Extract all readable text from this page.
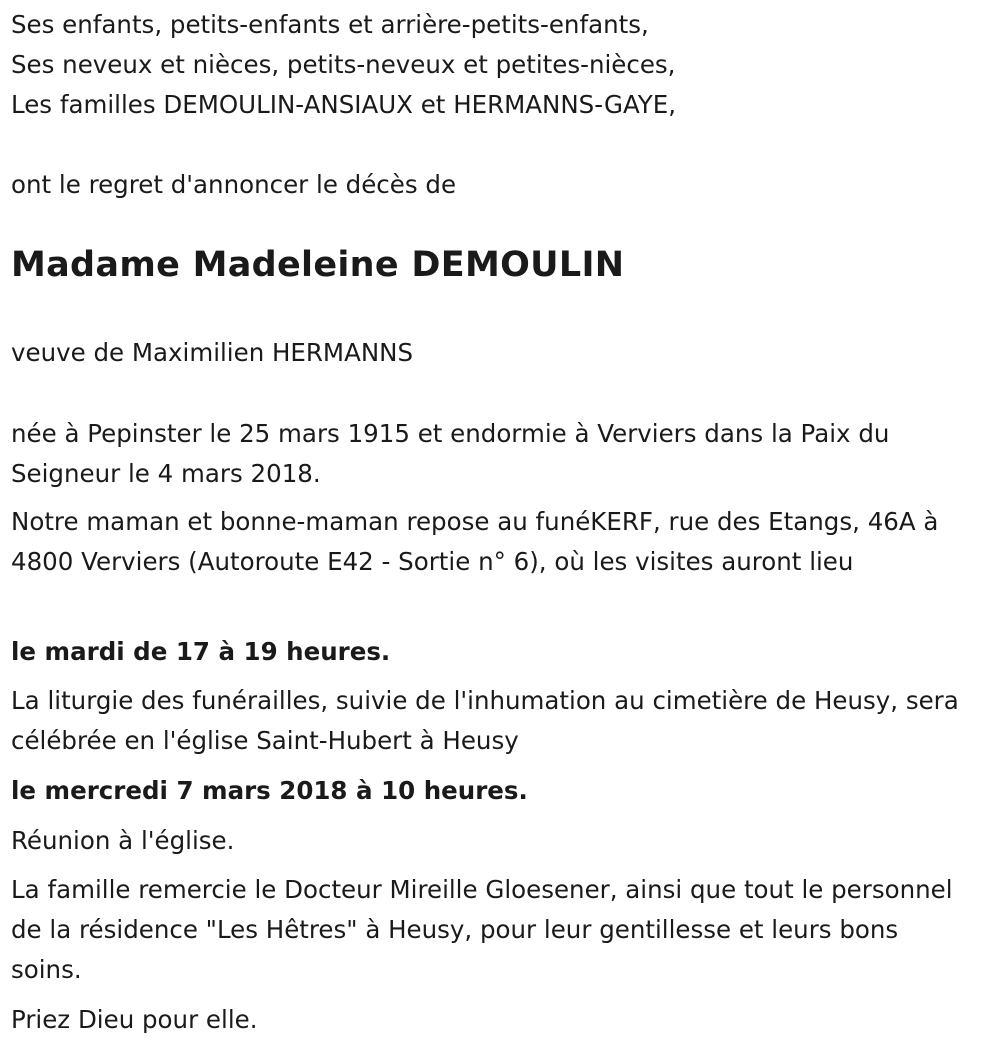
Ses enfants, petits-enfants et arrière-petits-enfants,

Ses neveux et nièces, petits-neveux et petites-nièces,

Les familles DEMOULIN-ANSIAUX et HERMANNS-GAYE,

ont le regret d'annoncer le décès de

Madame Madeleine DEMOULIN

veuve de Maximilien HERMANNS

née à Pepinster le 25 mars 1915 et endormie à Verviers dans la Paix du Seigneur le 4 mars 2018.

Notre maman et bonne-maman repose au funéKERF, rue des Etangs, 46A à 4800 Verviers (Autoroute E42 - Sortie n° 6), où les visites auront lieu

le mardi de 17 à 19 heures.

La liturgie des funérailles, suivie de l'inhumation au cimetière de Heusy, sera célébrée en l'église Saint-Hubert à Heusy

le mercredi 7 mars 2018 à 10 heures.

Réunion à l'église.

La famille remercie le Docteur Mireille Gloesener, ainsi que tout le personnel de la résidence "Les Hêtres" à Heusy, pour leur gentillesse et leurs bons soins.

Priez Dieu pour elle.
